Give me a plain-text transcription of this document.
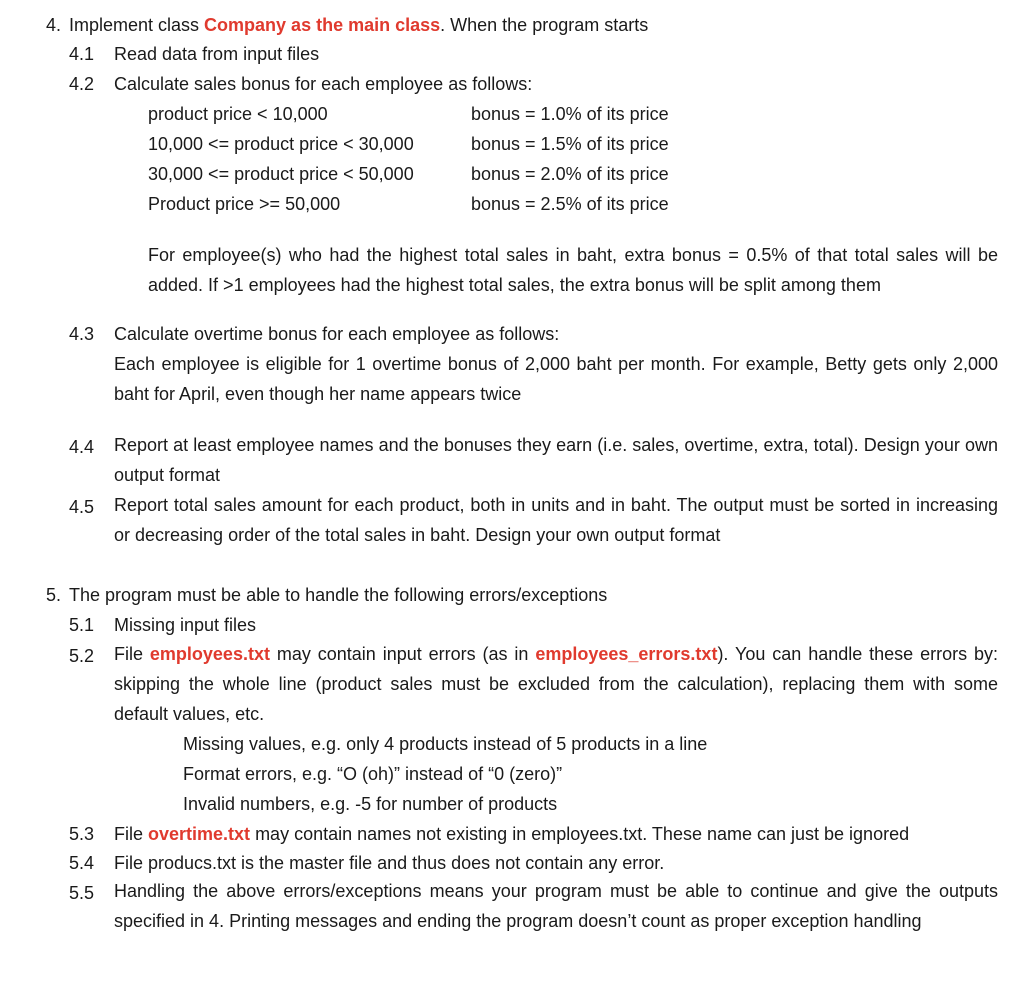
4. Implement class Company as the main class. When the program starts
4.1 Read data from input files
4.2 Calculate sales bonus for each employee as follows:
product price < 10,000	bonus = 1.0% of its price
10,000 <= product price < 30,000	bonus = 1.5% of its price
30,000 <= product price < 50,000	bonus = 2.0% of its price
Product price >= 50,000	bonus = 2.5% of its price
For employee(s) who had the highest total sales in baht, extra bonus = 0.5% of that total sales will be added. If >1 employees had the highest total sales, the extra bonus will be split among them
4.3 Calculate overtime bonus for each employee as follows:
Each employee is eligible for 1 overtime bonus of 2,000 baht per month. For example, Betty gets only 2,000 baht for April, even though her name appears twice
4.4 Report at least employee names and the bonuses they earn (i.e. sales, overtime, extra, total). Design your own output format
4.5 Report total sales amount for each product, both in units and in baht. The output must be sorted in increasing or decreasing order of the total sales in baht. Design your own output format
5. The program must be able to handle the following errors/exceptions
5.1 Missing input files
5.2 File employees.txt may contain input errors (as in employees_errors.txt). You can handle these errors by: skipping the whole line (product sales must be excluded from the calculation), replacing them with some default values, etc.
Missing values, e.g. only 4 products instead of 5 products in a line
Format errors, e.g. “O (oh)” instead of “0 (zero)”
Invalid numbers, e.g. -5 for number of products
5.3 File overtime.txt may contain names not existing in employees.txt. These name can just be ignored
5.4 File producs.txt is the master file and thus does not contain any error.
5.5 Handling the above errors/exceptions means your program must be able to continue and give the outputs specified in 4. Printing messages and ending the program doesn’t count as proper exception handling
